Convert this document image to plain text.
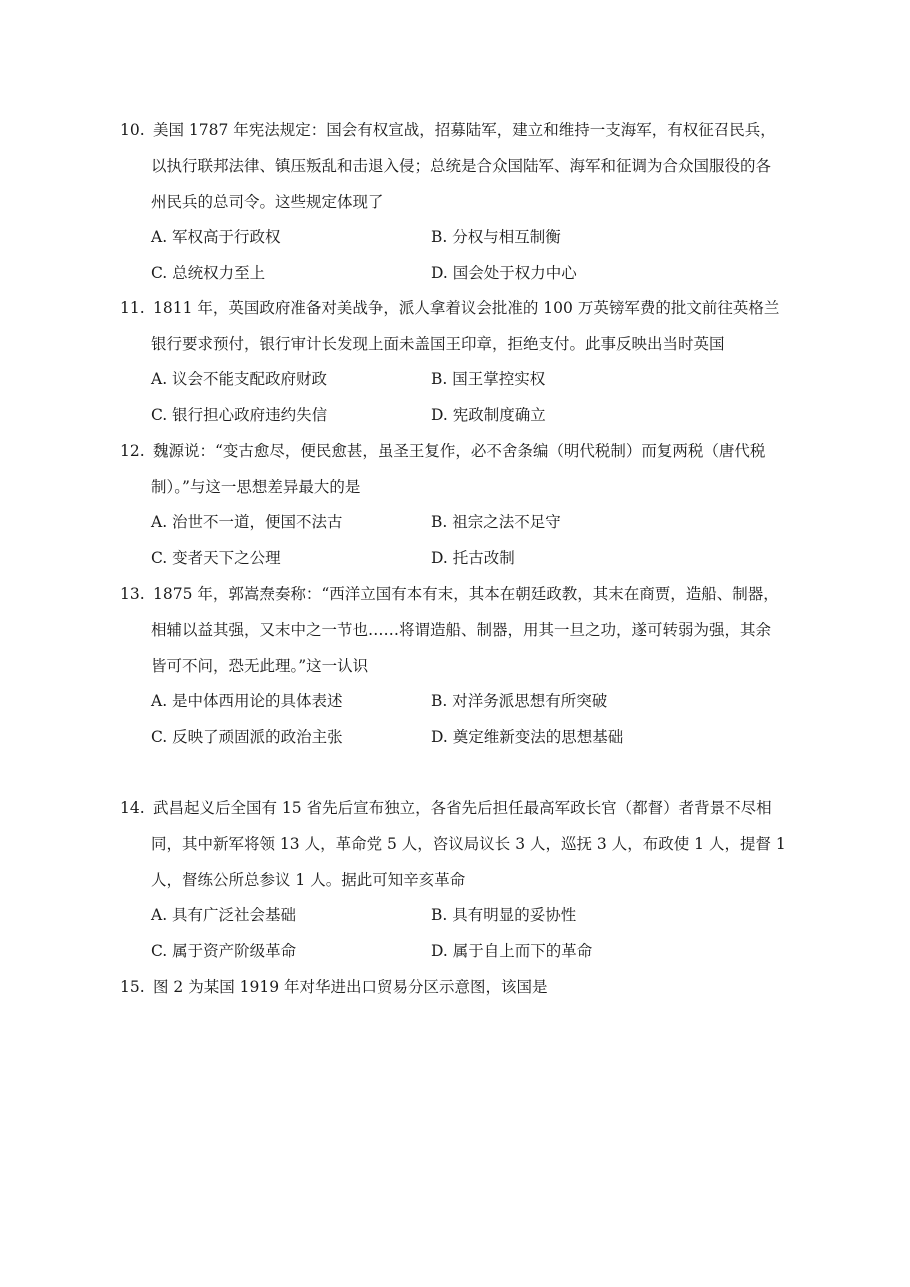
10. 美国 1787 年宪法规定：国会有权宣战，招募陆军，建立和维持一支海军，有权征召民兵，
以执行联邦法律、镇压叛乱和击退入侵；总统是合众国陆军、海军和征调为合众国服役的各
州民兵的总司令。这些规定体现了
A. 军权高于行政权	B. 分权与相互制衡
C. 总统权力至上	D. 国会处于权力中心
11. 1811 年，英国政府准备对美战争，派人拿着议会批准的 100 万英镑军费的批文前往英格兰
银行要求预付，银行审计长发现上面未盖国王印章，拒绝支付。此事反映出当时英国
A. 议会不能支配政府财政	B. 国王掌控实权
C. 银行担心政府违约失信	D. 宪政制度确立
12. 魏源说：“变古愈尽，便民愈甚，虽圣王复作，必不舍条编（明代税制）而复两税（唐代税
制）。”与这一思想差异最大的是
A. 治世不一道，便国不法古	B. 祖宗之法不足守
C. 变者天下之公理	D. 托古改制
13. 1875 年，郭嵩焘奏称：“西洋立国有本有末，其本在朝廷政教，其末在商贾，造船、制器，
相辅以益其强，又末中之一节也……将谓造船、制器，用其一旦之功，遂可转弱为强，其余
皆可不问，恐无此理。”这一认识
A. 是中体西用论的具体表述	B. 对洋务派思想有所突破
C. 反映了顽固派的政治主张	D. 奠定维新变法的思想基础
14. 武昌起义后全国有 15 省先后宣布独立，各省先后担任最高军政长官（都督）者背景不尽相
同，其中新军将领 13 人，革命党 5 人，咨议局议长 3 人，巡抚 3 人，布政使 1 人，提督 1
人，督练公所总参议 1 人。据此可知辛亥革命
A. 具有广泛社会基础	B. 具有明显的妥协性
C. 属于资产阶级革命	D. 属于自上而下的革命
15. 图 2 为某国 1919 年对华进出口贸易分区示意图，该国是
